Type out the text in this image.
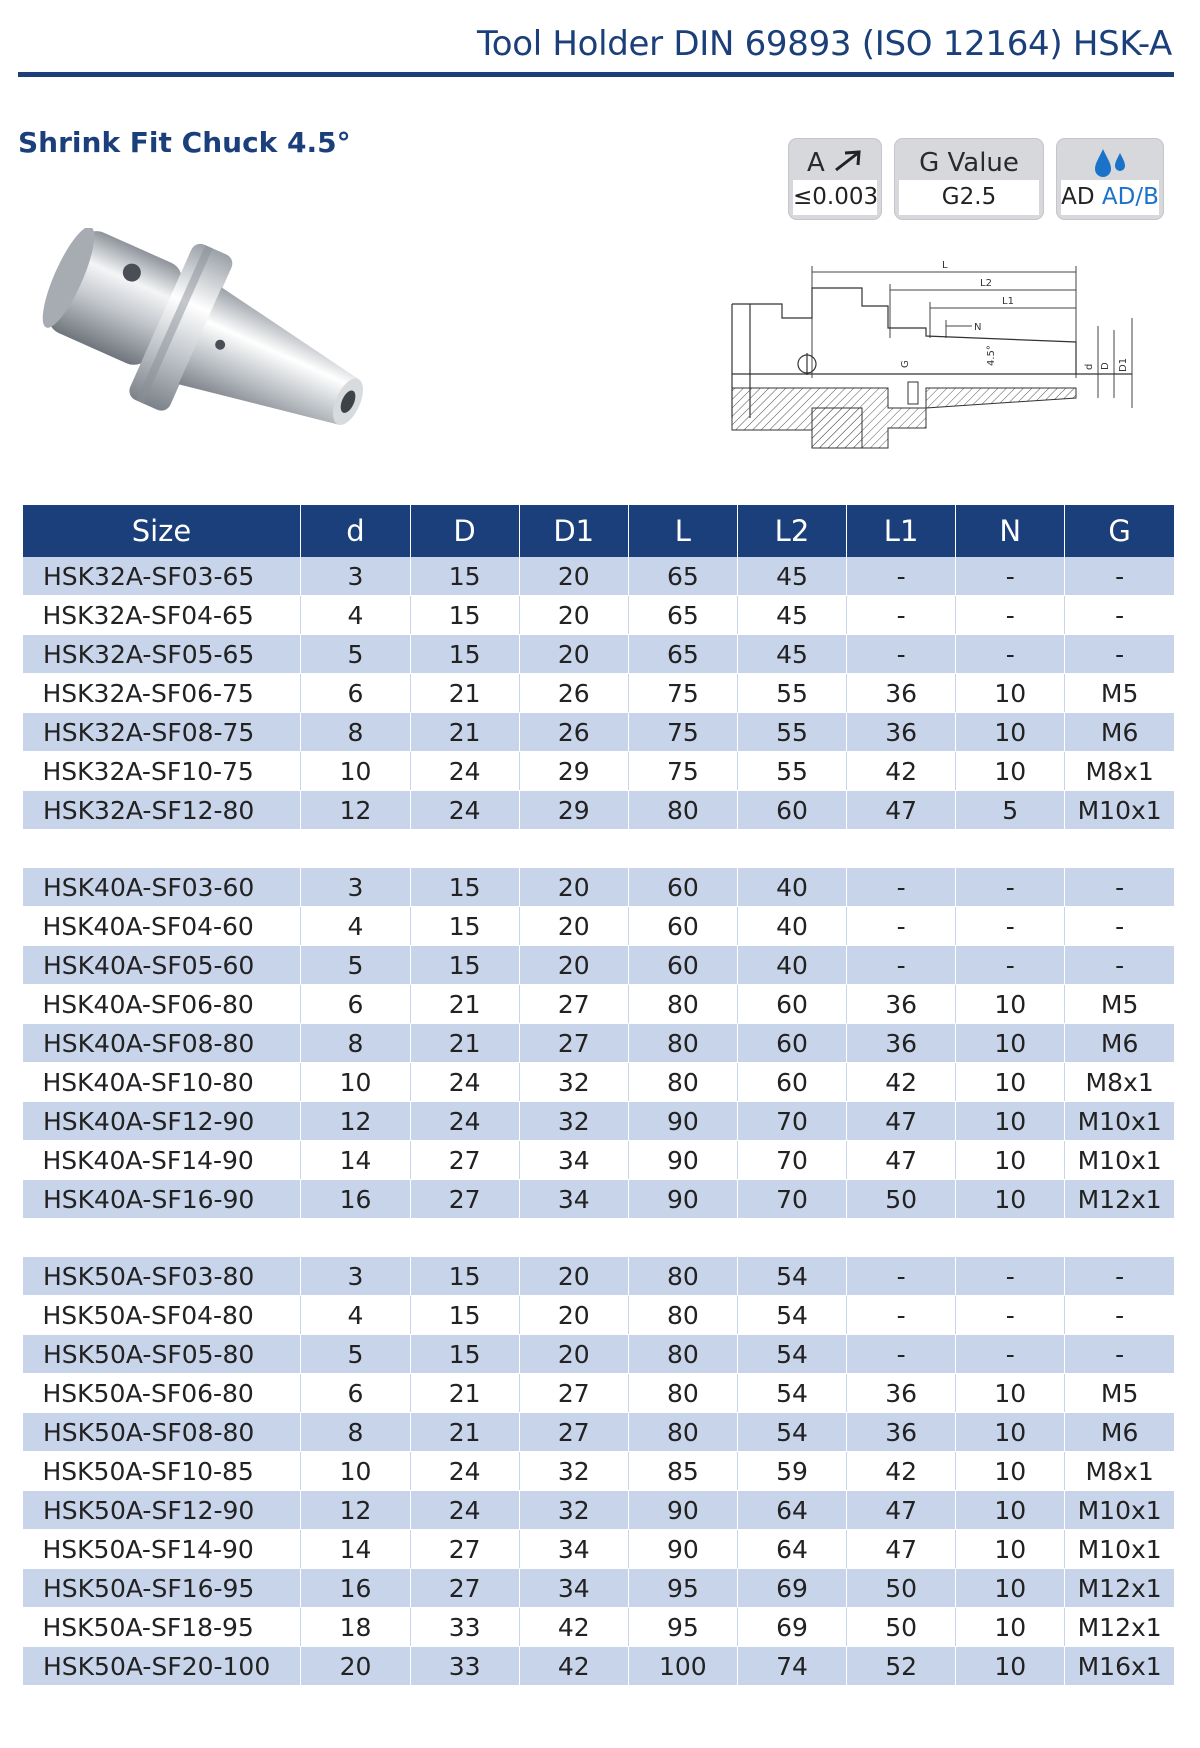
Tool Holder DIN 69893 (ISO 12164) HSK-A
Shrink Fit Chuck 4.5°
A
≤0.003
G Value
G2.5	AD AD/B
L
L2
L1
N
G	4.5°
d D D1
Size	d	D	D1	L	L2	L1	N	G
HSK32A-SF03-65	3	15	20	65	45	-	-	-
HSK32A-SF04-65	4	15	20	65	45	-	-	-
HSK32A-SF05-65	5	15	20	65	45	-	-	-
HSK32A-SF06-75	6	21	26	75	55	36	10	M5
HSK32A-SF08-75	8	21	26	75	55	36	10	M6
HSK32A-SF10-75	10	24	29	75	55	42	10	M8x1
HSK32A-SF12-80	12	24	29	80	60	47	5	M10x1

HSK40A-SF03-60	3	15	20	60	40	-	-	-
HSK40A-SF04-60	4	15	20	60	40	-	-	-
HSK40A-SF05-60	5	15	20	60	40	-	-	-
HSK40A-SF06-80	6	21	27	80	60	36	10	M5
HSK40A-SF08-80	8	21	27	80	60	36	10	M6
HSK40A-SF10-80	10	24	32	80	60	42	10	M8x1
HSK40A-SF12-90	12	24	32	90	70	47	10	M10x1
HSK40A-SF14-90	14	27	34	90	70	47	10	M10x1
HSK40A-SF16-90	16	27	34	90	70	50	10	M12x1

HSK50A-SF03-80	3	15	20	80	54	-	-	-
HSK50A-SF04-80	4	15	20	80	54	-	-	-
HSK50A-SF05-80	5	15	20	80	54	-	-	-
HSK50A-SF06-80	6	21	27	80	54	36	10	M5
HSK50A-SF08-80	8	21	27	80	54	36	10	M6
HSK50A-SF10-85	10	24	32	85	59	42	10	M8x1
HSK50A-SF12-90	12	24	32	90	64	47	10	M10x1
HSK50A-SF14-90	14	27	34	90	64	47	10	M10x1
HSK50A-SF16-95	16	27	34	95	69	50	10	M12x1
HSK50A-SF18-95	18	33	42	95	69	50	10	M12x1
HSK50A-SF20-100	20	33	42	100	74	52	10	M16x1
